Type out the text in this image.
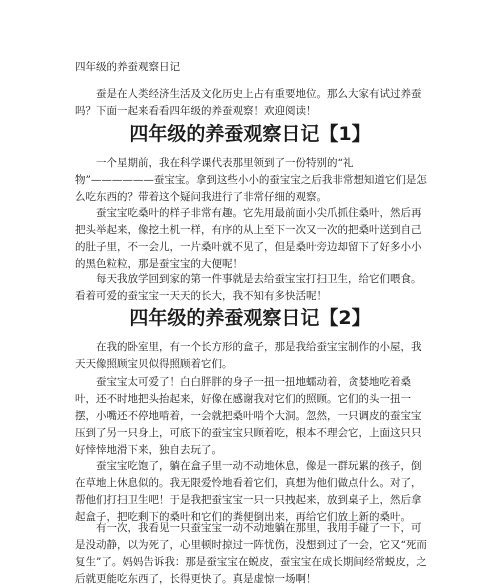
四年级的养蚕观察日记

蚕是在人类经济生活及文化历史上占有重要地位。那么大家有试过养蚕吗？下面一起来看看四年级的养蚕观察！欢迎阅读！

四年级的养蚕观察日记【1】

一个星期前，我在科学课代表那里领到了一份特别的“礼物”——————蚕宝宝。拿到这些小小的蚕宝宝之后我非常想知道它们是怎么吃东西的？带着这个疑问我进行了非常仔细的观察。

蚕宝宝吃桑叶的样子非常有趣。它先用最前面小尖爪抓住桑叶，然后再把头举起来，像挖土机一样，有序的从上至下一次又一次的把桑叶送到自己的肚子里，不一会儿，一片桑叶就不见了，但是桑叶旁边却留下了好多小小的黑色粒粒，那是蚕宝宝的大便呢！

每天我放学回到家的第一件事就是去给蚕宝宝打扫卫生，给它们喂食。看着可爱的蚕宝宝一天天的长大，我不知有多快活呢！

四年级的养蚕观察日记【2】

在我的卧室里，有一个长方形的盒子，那是我给蚕宝宝制作的小屋，我天天像照顾宝贝似得照顾着它们。

蚕宝宝太可爱了！白白胖胖的身子一扭一扭地蠕动着，贪婪地吃着桑叶，还不时地把头抬起来，好像在感谢我对它们的照顾。它们的头一扭一摆，小嘴还不停地啃着，一会就把桑叶啃个大洞。忽然，一只调皮的蚕宝宝压到了另一只身上，可底下的蚕宝宝只顾着吃，根本不理会它，上面这只只好悻悻地滑下来，独自去玩了。

蚕宝宝吃饱了，躺在盒子里一动不动地休息，像是一群玩累的孩子，倒在草地上休息似的。我无限爱怜地看着它们，真想为他们做点什么。对了，帮他们打扫卫生吧！于是我把蚕宝宝一只一只拽起来，放到桌子上，然后拿起盒子，把吃剩下的桑叶和它们的粪便倒出来，再给它们放上新的桑叶。

有一次，我看见一只蚕宝宝一动不动地躺在那里，我用手碰了一下，可是没动静，以为死了，心里顿时掠过一阵忧伤，没想到过了一会，它又“死而复生”了。妈妈告诉我：那是蚕宝宝在蜕皮，蚕宝宝在成长期间经常蜕皮，之后就更能吃东西了，长得更快了。真是虚惊一场啊！
